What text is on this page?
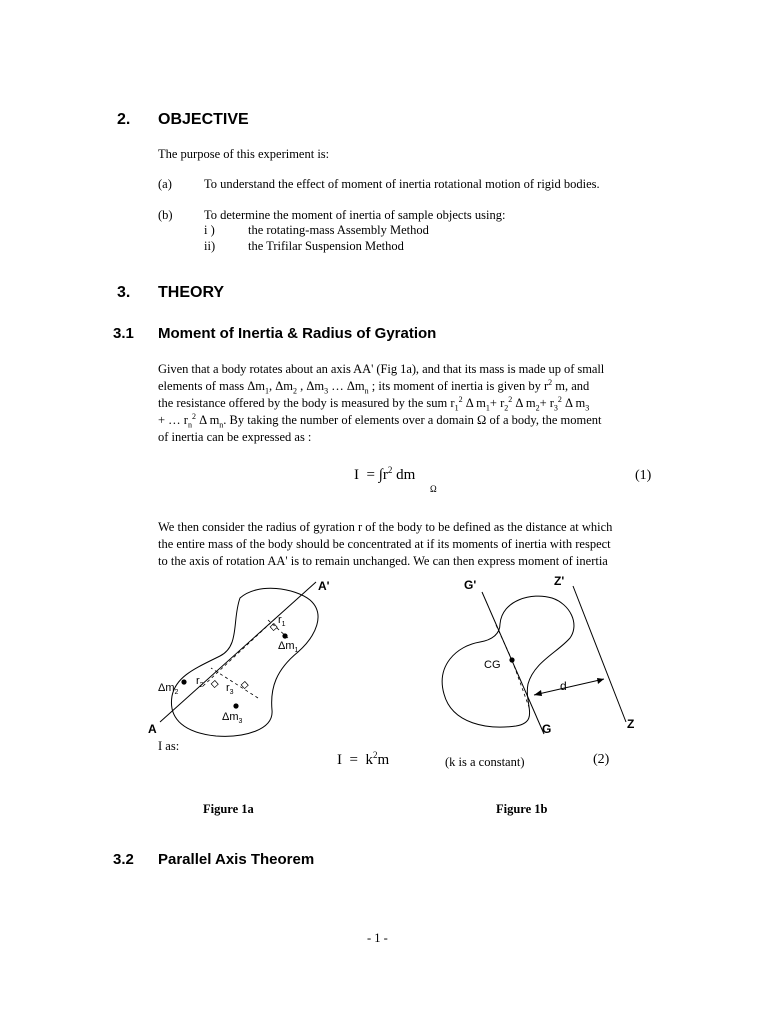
2. OBJECTIVE
The purpose of this experiment is:
(a)	To understand the effect of moment of inertia rotational motion of rigid bodies.
(b)	To determine the moment of inertia of sample objects using:
i )	the rotating-mass Assembly Method
ii)	the Trifilar Suspension Method
3. THEORY
3.1 Moment of Inertia & Radius of Gyration
Given that a body rotates about an axis AA' (Fig 1a), and that its mass is made up of small
elements of mass $\Delta m_1$, $\Delta m_2$ , $\Delta m_3$ … $\Delta m_n$ ; its moment of inertia is given by $r^2$ m, and
the resistance offered by the body is measured by the sum $r_1^2$ Δ $m_1+ r_2^2$ Δ $m_2+ r_3^2$ Δ $m_3$
+ … $r_n^2$ Δ $m_n$. By taking the number of elements over a domain Ω of a body, the moment
of inertia can be expressed as :
$I = \int r^2$ dm
Ω
(1)
We then consider the radius of gyration r of the body to be defined as the distance at which
the entire mass of the body should be concentrated at if its moments of inertia with respect
to the axis of rotation AA' is to remain unchanged. We can then express moment of inertia
A'
A
$r_1$
$\Delta m_1$
$\Delta m_2$
$r_2$ $r_3$
$\Delta m_3$
G'	Z'
CG
d
G	Z
I as:
$I = k^2m$	(k is a constant)	(2)
Figure 1a	Figure 1b
3.2 Parallel Axis Theorem
- 1 -
